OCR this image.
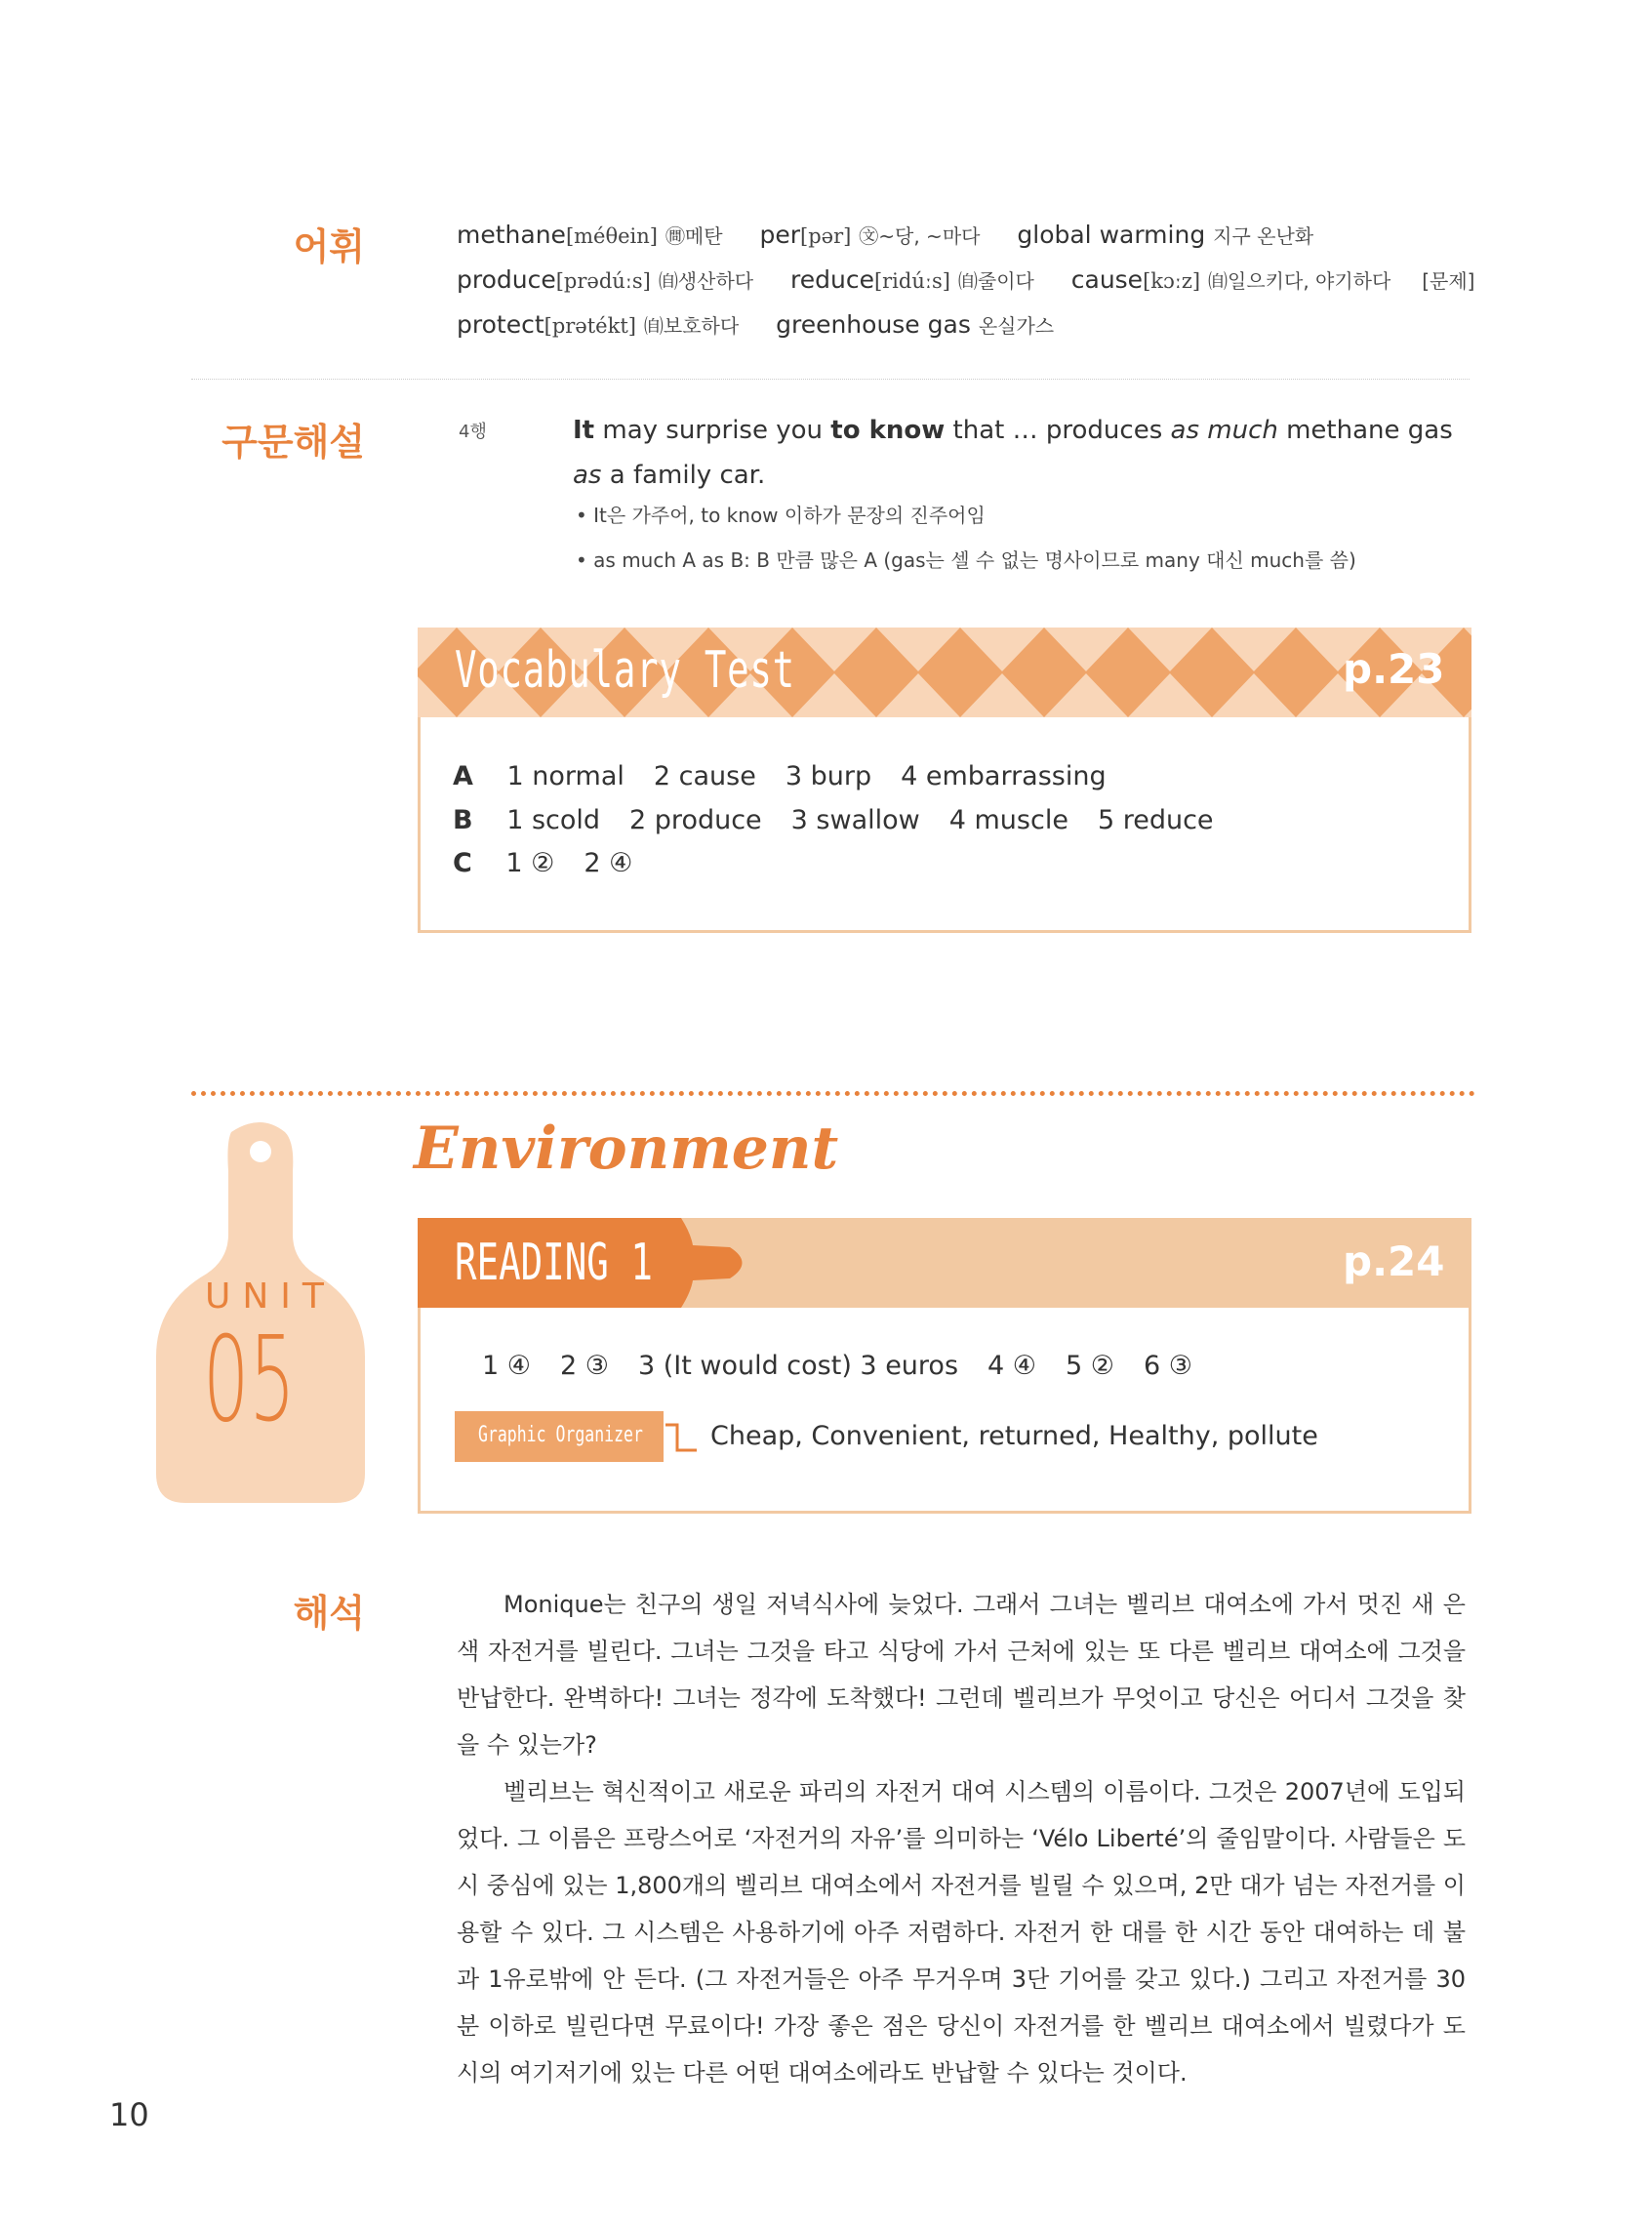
어휘	methane[méθein] ㉄메탄 per[pər] ㉆~당, ~마다 global warming 지구 온난화
produce[prədúːs] ㉂생산하다 reduce[ridúːs] ㉂줄이다 cause[kɔːz] ㉂일으키다, 야기하다 [문제]
protect[prətékt] ㉂보호하다 greenhouse gas 온실가스
구문해설	4행	It may surprise you to know that … produces as much methane gas as a family car.
• It은 가주어, to know 이하가 문장의 진주어임
• as much A as B: B 만큼 많은 A (gas는 셀 수 없는 명사이므로 many 대신 much를 씀)
Vocabulary Test	p.23
A 1 normal 2 cause 3 burp 4 embarrassing
B 1 scold 2 produce 3 swallow 4 muscle 5 reduce
C 1 ② 2 ④
UNIT
05
Environment
READING 1	p.24
1 ④ 2 ③ 3 (It would cost) 3 euros 4 ④ 5 ② 6 ③
Graphic Organizer	Cheap, Convenient, returned, Healthy, pollute
해석	Monique는 친구의 생일 저녁식사에 늦었다. 그래서 그녀는 벨리브 대여소에 가서 멋진 새 은색 자전거를 빌린다. 그녀는 그것을 타고 식당에 가서 근처에 있는 또 다른 벨리브 대여소에 그것을 반납한다. 완벽하다! 그녀는 정각에 도착했다! 그런데 벨리브가 무엇이고 당신은 어디서 그것을 찾을 수 있는가?

벨리브는 혁신적이고 새로운 파리의 자전거 대여 시스템의 이름이다. 그것은 2007년에 도입되었다. 그 이름은 프랑스어로 ‘자전거의 자유’를 의미하는 ‘Vélo Liberté’의 줄임말이다. 사람들은 도시 중심에 있는 1,800개의 벨리브 대여소에서 자전거를 빌릴 수 있으며, 2만 대가 넘는 자전거를 이용할 수 있다. 그 시스템은 사용하기에 아주 저렴하다. 자전거 한 대를 한 시간 동안 대여하는 데 불과 1유로밖에 안 든다. (그 자전거들은 아주 무거우며 3단 기어를 갖고 있다.) 그리고 자전거를 30분 이하로 빌린다면 무료이다! 가장 좋은 점은 당신이 자전거를 한 벨리브 대여소에서 빌렸다가 도시의 여기저기에 있는 다른 어떤 대여소에라도 반납할 수 있다는 것이다.

10
